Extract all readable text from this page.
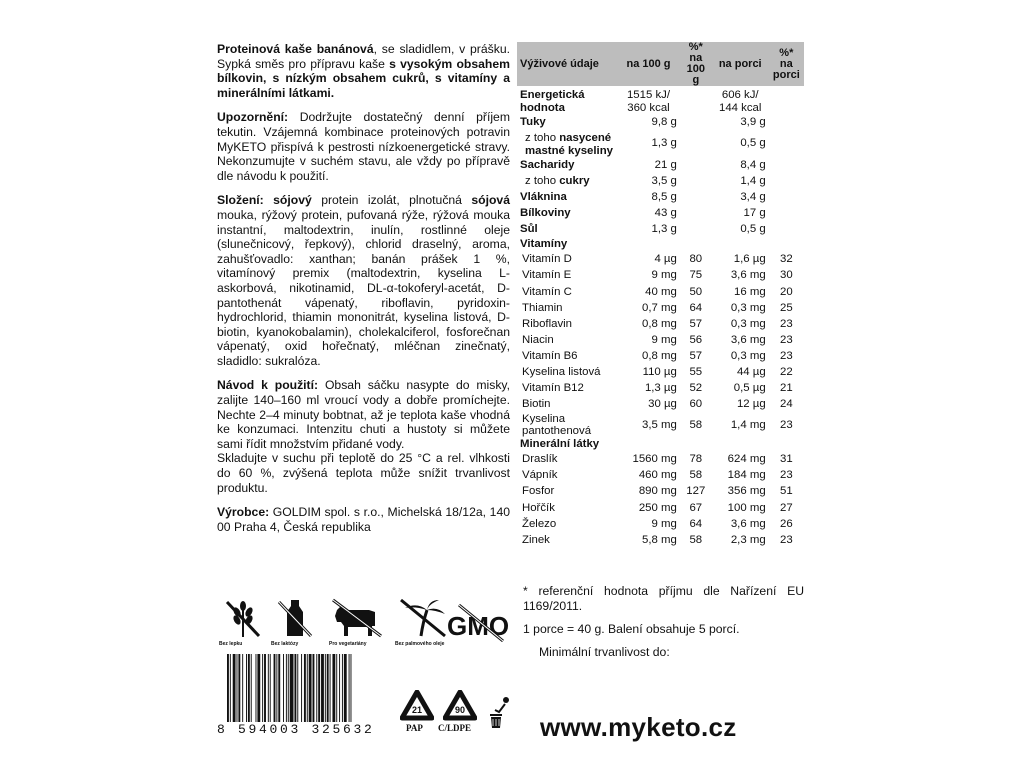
Proteinová kaše banánová, se sladidlem, v prášku. Sypká směs pro přípravu kaše s vysokým obsahem bílkovin, s nízkým obsahem cukrů, s vitamíny a minerálními látkami.

Upozornění: Dodržujte dostatečný denní příjem tekutin. Vzájemná kombinace proteinových potravin MyKETO přispívá k pestrosti nízkoenergetické stravy. Nekonzumujte v suchém stavu, ale vždy po přípravě dle návodu k použití.

Složení: sójový protein izolát, plnotučná sójová mouka, rýžový protein, pufovaná rýže, rýžová mouka instantní, maltodextrin, inulín, rostlinné oleje (slunečnicový, řepkový), chlorid draselný, aroma, zahušťovadlo: xanthan; banán prášek 1 %, vitamínový premix (maltodextrin, kyselina L-askorbová, nikotinamid, DL-α-tokoferyl-acetát, D-pantothenát vápenatý, riboflavin, pyridoxin-hydrochlorid, thiamin mononitrát, kyselina listová, D-biotin, kyanokobalamin), cholekalciferol, fosforečnan vápenatý, oxid hořečnatý, mléčnan zinečnatý, sladidlo: sukralóza.

Návod k použití: Obsah sáčku nasypte do misky, zalijte 140–160 ml vroucí vody a dobře promíchejte. Nechte 2–4 minuty bobtnat, až je teplota kaše vhodná ke konzumaci. Intenzitu chuti a hustoty si můžete sami řídit množstvím přidané vody.

Skladujte v suchu při teplotě do 25 °C a rel. vlhkosti do 60 %, zvýšená teplota může snížit trvanlivost produktu.

Výrobce: GOLDIM spol. s r.o., Michelská 18/12a, 140 00 Praha 4, Česká republika

Výživové údaje	na 100 g	%* na 100 g	na porci	%* na porci
Energetická hodnota	1515 kJ/ 360 kcal		606 kJ/ 144 kcal	
Tuky	9,8 g		3,9 g	
z toho nasycené mastné kyseliny	1,3 g		0,5 g	
Sacharidy	21 g		8,4 g	
z toho cukry	3,5 g		1,4 g	
Vláknina	8,5 g		3,4 g	
Bílkoviny	43 g		17 g	
Sůl	1,3 g		0,5 g	
Vitamíny				
Vitamín D	4 µg	80	1,6 µg	32
Vitamín E	9 mg	75	3,6 mg	30
Vitamín C	40 mg	50	16 mg	20
Thiamin	0,7 mg	64	0,3 mg	25
Riboflavin	0,8 mg	57	0,3 mg	23
Niacin	9 mg	56	3,6 mg	23
Vitamín B6	0,8 mg	57	0,3 mg	23
Kyselina listová	110 µg	55	44 µg	22
Vitamín B12	1,3 µg	52	0,5 µg	21
Biotin	30 µg	60	12 µg	24
Kyselina pantothenová	3,5 mg	58	1,4 mg	23
Minerální látky				
Draslík	1560 mg	78	624 mg	31
Vápník	460 mg	58	184 mg	23
Fosfor	890 mg	127	356 mg	51
Hořčík	250 mg	67	100 mg	27
Železo	9 mg	64	3,6 mg	26
Zinek	5,8 mg	58	2,3 mg	23

* referenční hodnota příjmu dle Nařízení EU 1169/2011.

1 porce = 40 g. Balení obsahuje 5 porcí.

Minimální trvanlivost do:

Bez lepku	Bez laktózy	Pro vegetariány	Bez palmového oleje
GMO
8 594003 325632
21
PAP
90
C/LDPE	www.myketo.cz
